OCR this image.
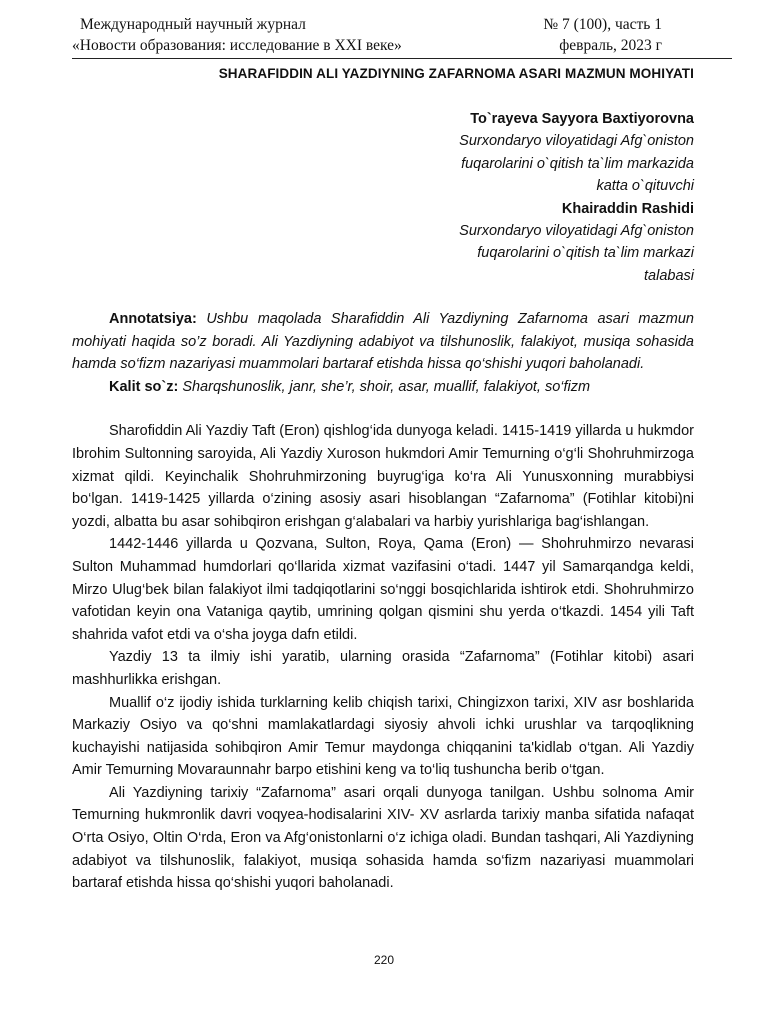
Международный научный журнал	№ 7 (100), часть 1
«Новости образования: исследование в XXI веке»	февраль, 2023 г
SHARAFIDDIN ALI YAZDIYNING ZAFARNOMA ASARI MAZMUN MOHIYATI
To`rayeva Sayyora Baxtiyorovna
Surxondaryo viloyatidagi Afg`oniston
fuqarolarini o`qitish ta`lim markazida
katta o`qituvchi
Khairaddin Rashidi
Surxondaryo viloyatidagi Afg`oniston
fuqarolarini o`qitish ta`lim markazi
talabasi

Annotatsiya: Ushbu maqolada Sharafiddin Ali Yazdiyning Zafarnoma asari mazmun mohiyati haqida so’z boradi. Ali Yazdiyning adabiyot va tilshunoslik, falakiyot, musiqa sohasida hamda so‘fizm nazariyasi muammolari bartaraf etishda hissa qo‘shishi yuqori baholanadi.

Kalit so`z: Sharqshunoslik, janr, she’r, shoir, asar, muallif, falakiyot, so‘fizm

Sharofiddin Ali Yazdiy Taft (Eron) qishlog‘ida dunyoga keladi. 1415-1419 yillarda u hukmdor Ibrohim Sultonning saroyida, Ali Yazdiy Xuroson hukmdori Amir Temurning o‘g‘li Shohruhmirzoga xizmat qildi. Keyinchalik Shohruhmirzoning buyrug‘iga ko‘ra Ali Yunusxonning murabbiysi bo‘lgan. 1419-1425 yillarda o‘zining asosiy asari hisoblangan “Zafarnoma” (Fotihlar kitobi)ni yozdi, albatta bu asar sohibqiron erishgan g‘alabalari va harbiy yurishlariga bag‘ishlangan.

1442-1446 yillarda u Qozvana, Sulton, Roya, Qama (Eron) — Shohruhmirzo nevarasi Sulton Muhammad humdorlari qo‘llarida xizmat vazifasini o‘tadi. 1447 yil Samarqandga keldi, Mirzo Ulug‘bek bilan falakiyot ilmi tadqiqotlarini so‘nggi bosqichlarida ishtirok etdi. Shohruhmirzo vafotidan keyin ona Vataniga qaytib, umrining qolgan qismini shu yerda o‘tkazdi. 1454 yili Taft shahrida vafot etdi va o‘sha joyga dafn etildi.

Yazdiy 13 ta ilmiy ishi yaratib, ularning orasida “Zafarnoma” (Fotihlar kitobi) asari mashhurlikka erishgan.

Muallif o‘z ijodiy ishida turklarning kelib chiqish tarixi, Chingizxon tarixi, XIV asr boshlarida Markaziy Osiyo va qo‘shni mamlakatlardagi siyosiy ahvoli ichki urushlar va tarqoqlikning kuchayishi natijasida sohibqiron Amir Temur maydonga chiqqanini ta'kidlab o‘tgan. Ali Yazdiy Amir Temurning Movaraunnahr barpo etishini keng va to‘liq tushuncha berib o‘tgan.

Ali Yazdiyning tarixiy “Zafarnoma” asari orqali dunyoga tanilgan. Ushbu solnoma Amir Temurning hukmronlik davri voqyea-hodisalarini XIV- XV asrlarda tarixiy manba sifatida nafaqat O‘rta Osiyo, Oltin O‘rda, Eron va Afg‘onistonlarni o‘z ichiga oladi. Bundan tashqari, Ali Yazdiyning adabiyot va tilshunoslik, falakiyot, musiqa sohasida hamda so‘fizm nazariyasi muammolari bartaraf etishda hissa qo‘shishi yuqori baholanadi.

220
